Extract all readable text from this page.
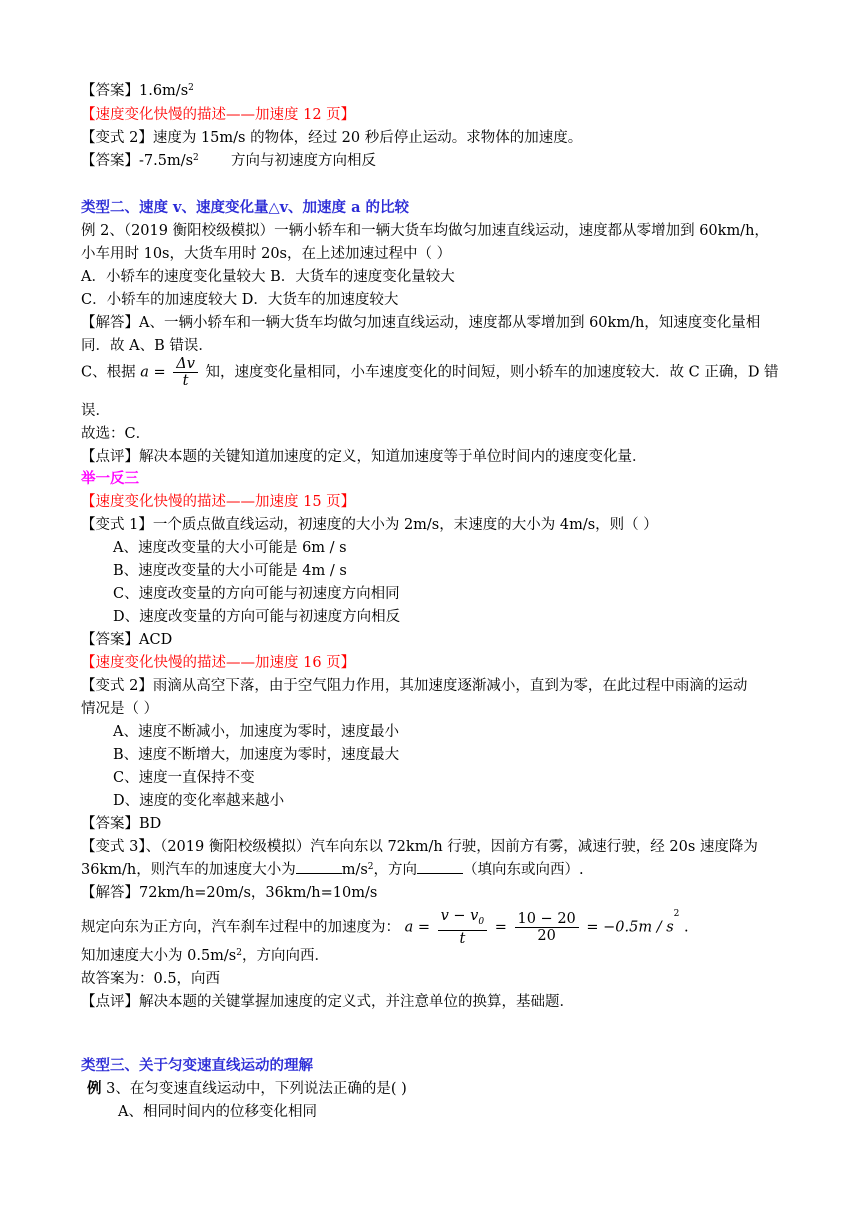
【答案】$1.6m/s^2$
【速度变化快慢的描述——加速度 12 页】
【变式 2】速度为 15m/s 的物体，经过 20 秒后停止运动。求物体的加速度。
【答案】$-7.5m/s^2$       方向与初速度方向相反
类型二、速度 v、速度变化量△v、加速度 a 的比较
例 2、（2019 衡阳校级模拟）一辆小轿车和一辆大货车均做匀加速直线运动，速度都从零增加到 60km/h，
小车用时 10s，大货车用时 20s，在上述加速过程中（ ）
A．小轿车的速度变化量较大 B．大货车的速度变化量较大
C．小轿车的加速度较大 D．大货车的加速度较大
【解答】A、一辆小轿车和一辆大货车均做匀加速直线运动，速度都从零增加到 60km/h，知速度变化量相
同．故 A、B 错误．
C、根据 $a = \frac{\Delta v}{t}$ 知，速度变化量相同，小车速度变化的时间短，则小轿车的加速度较大．故 C 正确，D 错
误．
故选：C．
【点评】解决本题的关键知道加速度的定义，知道加速度等于单位时间内的速度变化量．
举一反三
【速度变化快慢的描述——加速度 15 页】
【变式 1】一个质点做直线运动，初速度的大小为 2m/s，末速度的大小为 4m/s，则（ ）
A、速度改变量的大小可能是 6m / s
B、速度改变量的大小可能是 4m / s
C、速度改变量的方向可能与初速度方向相同
D、速度改变量的方向可能与初速度方向相反
【答案】ACD
【速度变化快慢的描述——加速度 16 页】
【变式 2】雨滴从高空下落，由于空气阻力作用，其加速度逐渐减小，直到为零，在此过程中雨滴的运动
情况是（ ）
A、速度不断减小，加速度为零时，速度最小
B、速度不断增大，加速度为零时，速度最大
C、速度一直保持不变
D、速度的变化率越来越小
【答案】BD
【变式 3】、（2019 衡阳校级模拟）汽车向东以 72km/h 行驶，因前方有雾，减速行驶，经 20s 速度降为
36km/h，则汽车的加速度大小为	$m/s^2$，方向	（填向东或向西）.
【解答】72km/h=20m/s，36km/h=10m/s
规定向东为正方向，汽车刹车过程中的加速度为： $a = \frac{v - v_0}{t} = \frac{10 - 20}{20} = -0.5m / s^2$ .
知加速度大小为 $0.5m/s^2$，方向向西．
故答案为：0.5，向西
【点评】解决本题的关键掌握加速度的定义式，并注意单位的换算，基础题．
类型三、关于匀变速直线运动的理解
例 3、在匀变速直线运动中，下列说法正确的是( )
A、相同时间内的位移变化相同
